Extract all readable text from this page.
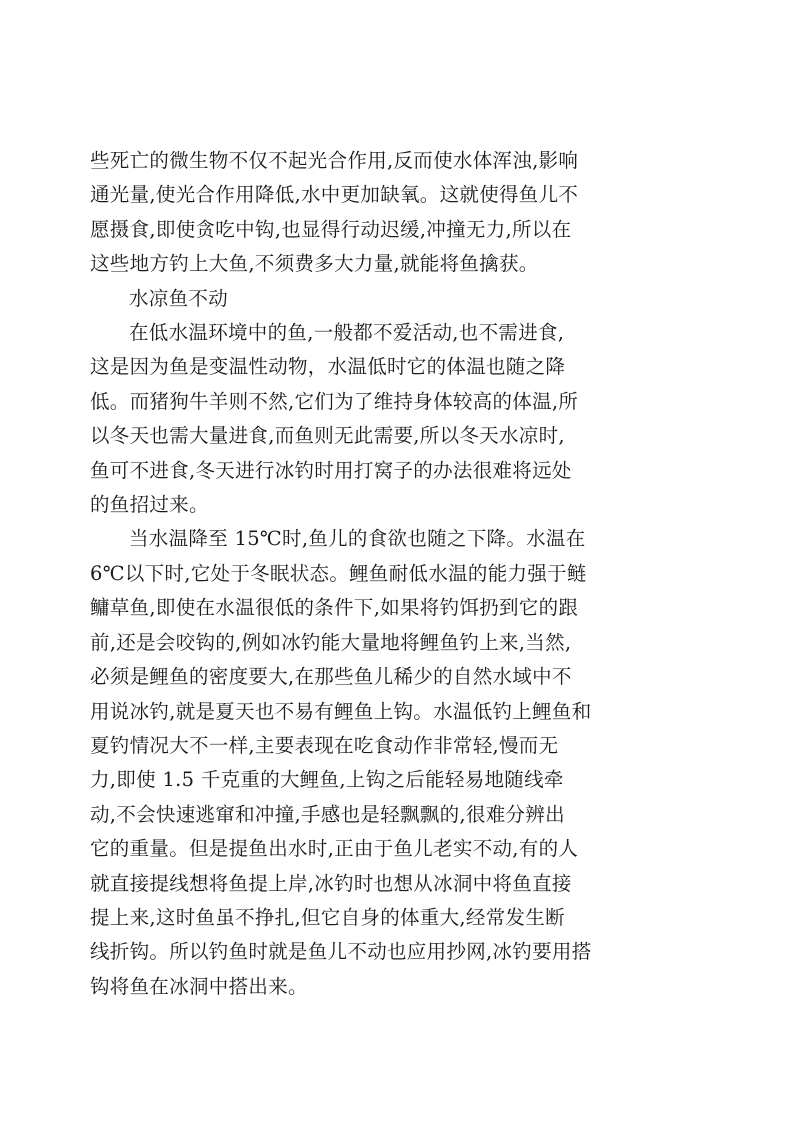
些死亡的微生物不仅不起光合作用,反而使水体浑浊,影响
通光量,使光合作用降低,水中更加缺氧。这就使得鱼儿不
愿摄食,即使贪吃中钩,也显得行动迟缓,冲撞无力,所以在
这些地方钓上大鱼,不须费多大力量,就能将鱼擒获。
水凉鱼不动
在低水温环境中的鱼,一般都不爱活动,也不需进食,
这是因为鱼是变温性动物，水温低时它的体温也随之降
低。而猪狗牛羊则不然,它们为了维持身体较高的体温,所
以冬天也需大量进食,而鱼则无此需要,所以冬天水凉时,
鱼可不进食,冬天进行冰钓时用打窝子的办法很难将远处
的鱼招过来。
当水温降至 15℃时,鱼儿的食欲也随之下降。水温在
6℃以下时,它处于冬眠状态。鲤鱼耐低水温的能力强于鲢
鳙草鱼,即使在水温很低的条件下,如果将钓饵扔到它的跟
前,还是会咬钩的,例如冰钓能大量地将鲤鱼钓上来,当然,
必须是鲤鱼的密度要大,在那些鱼儿稀少的自然水域中不
用说冰钓,就是夏天也不易有鲤鱼上钩。水温低钓上鲤鱼和
夏钓情况大不一样,主要表现在吃食动作非常轻,慢而无
力,即使 1.5 千克重的大鲤鱼,上钩之后能轻易地随线牵
动,不会快速逃窜和冲撞,手感也是轻飘飘的,很难分辨出
它的重量。但是提鱼出水时,正由于鱼儿老实不动,有的人
就直接提线想将鱼提上岸,冰钓时也想从冰洞中将鱼直接
提上来,这时鱼虽不挣扎,但它自身的体重大,经常发生断
线折钩。所以钓鱼时就是鱼儿不动也应用抄网,冰钓要用搭
钩将鱼在冰洞中搭出来。
